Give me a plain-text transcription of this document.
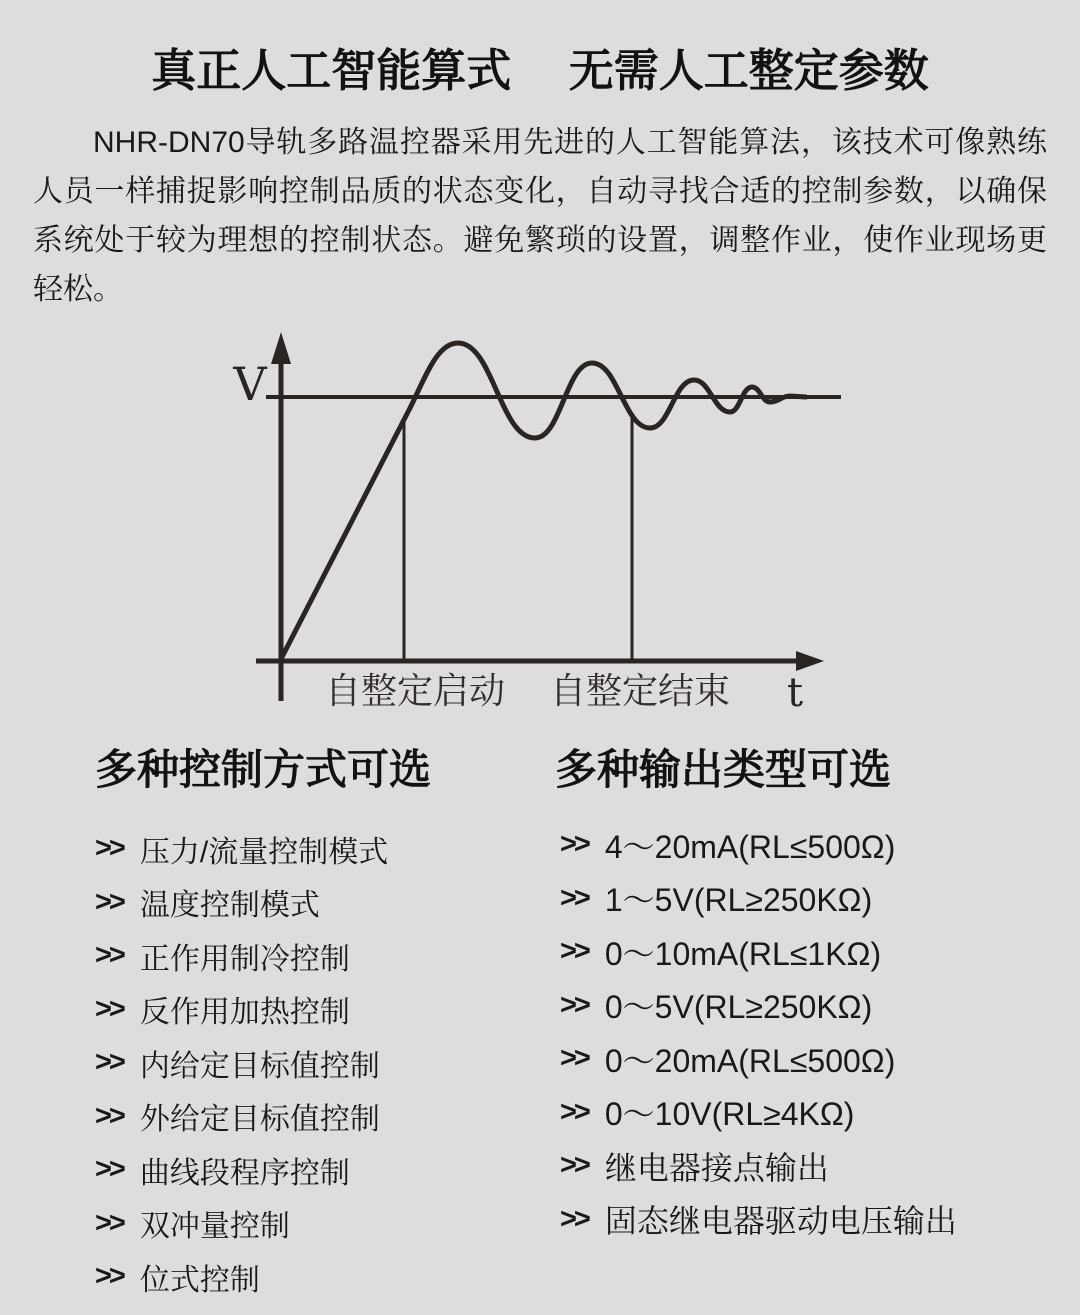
真正人工智能算式　 无需人工整定参数

NHR-DN70导轨多路温控器采用先进的人工智能算法，该技术可像熟练人员一样捕捉影响控制品质的状态变化，自动寻找合适的控制参数，以确保系统处于较为理想的控制状态。避免繁琐的设置，调整作业，使作业现场更轻松。

V
t
自整定启动 自整定结束
多种控制方式可选
>> 压力/流量控制模式
>> 温度控制模式
>> 正作用制冷控制
>> 反作用加热控制
>> 内给定目标值控制
>> 外给定目标值控制
>> 曲线段程序控制
>> 双冲量控制
>> 位式控制
多种输出类型可选
>> 4～20mA(RL≤500Ω)
>> 1～5V(RL≥250KΩ)
>> 0～10mA(RL≤1KΩ)
>> 0～5V(RL≥250KΩ)
>> 0～20mA(RL≤500Ω)
>> 0～10V(RL≥4KΩ)
>> 继电器接点输出
>> 固态继电器驱动电压输出
